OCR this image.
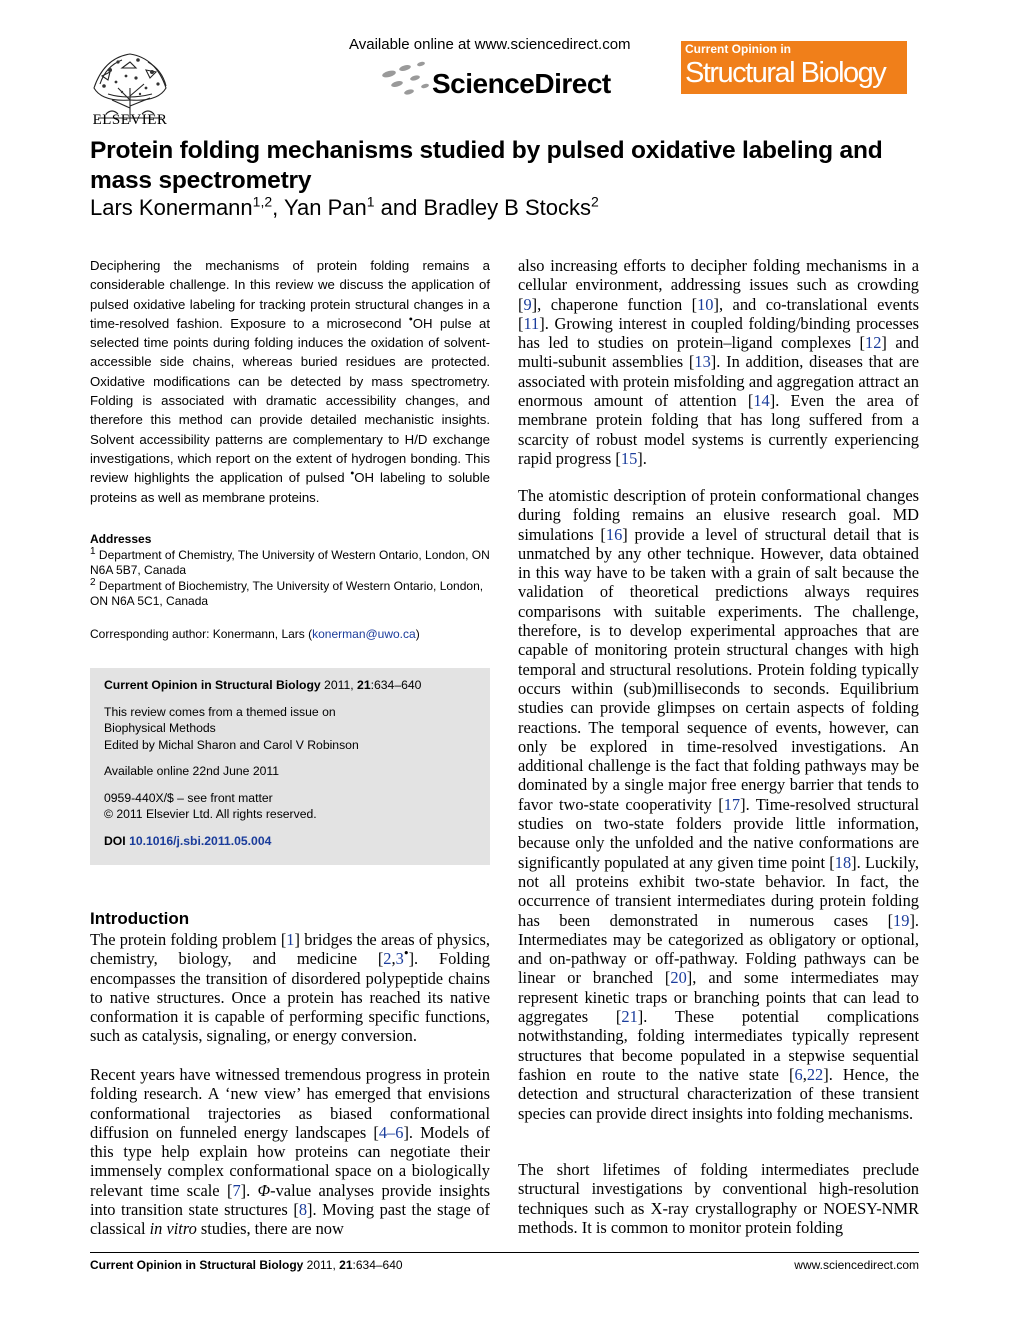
ELSEVIER
Available online at www.sciencedirect.com
ScienceDirect
Current Opinion in
Structural Biology
Protein folding mechanisms studied by pulsed oxidative labeling and mass spectrometry
Lars Konermann$^{1,2}$, Yan Pan$^1$ and Bradley B Stocks$^2$
Deciphering the mechanisms of protein folding remains a considerable challenge. In this review we discuss the application of pulsed oxidative labeling for tracking protein structural changes in a time-resolved fashion. Exposure to a microsecond •OH pulse at selected time points during folding induces the oxidation of solvent-accessible side chains, whereas buried residues are protected. Oxidative modifications can be detected by mass spectrometry. Folding is associated with dramatic accessibility changes, and therefore this method can provide detailed mechanistic insights. Solvent accessibility patterns are complementary to H/D exchange investigations, which report on the extent of hydrogen bonding. This review highlights the application of pulsed •OH labeling to soluble proteins as well as membrane proteins.
Addresses
$^1$ Department of Chemistry, The University of Western Ontario, London, ON N6A 5B7, Canada
$^2$ Department of Biochemistry, The University of Western Ontario, London, ON N6A 5C1, Canada
Corresponding author: Konermann, Lars (konerman@uwo.ca)

Current Opinion in Structural Biology 2011, 21:634–640

This review comes from a themed issue on

Biophysical Methods

Edited by Michal Sharon and Carol V Robinson

Available online 22nd June 2011

0959-440X/$ – see front matter

© 2011 Elsevier Ltd. All rights reserved.

DOI 10.1016/j.sbi.2011.05.004

Introduction
The protein folding problem [1] bridges the areas of physics, chemistry, biology, and medicine [2,3•]. Folding encompasses the transition of disordered polypeptide chains to native structures. Once a protein has reached its native conformation it is capable of performing specific functions, such as catalysis, signaling, or energy conversion.
Recent years have witnessed tremendous progress in protein folding research. A ‘new view’ has emerged that envisions conformational trajectories as biased conformational diffusion on funneled energy landscapes [4–6]. Models of this type help explain how proteins can negotiate their immensely complex conformational space on a biologically relevant time scale [7]. Φ-value analyses provide insights into transition state structures [8]. Moving past the stage of classical in vitro studies, there are now
also increasing efforts to decipher folding mechanisms in a cellular environment, addressing issues such as crowding [9], chaperone function [10], and co-translational events [11]. Growing interest in coupled folding/binding processes has led to studies on protein–ligand complexes [12] and multi-subunit assemblies [13]. In addition, diseases that are associated with protein misfolding and aggregation attract an enormous amount of attention [14]. Even the area of membrane protein folding that has long suffered from a scarcity of robust model systems is currently experiencing rapid progress [15].
The atomistic description of protein conformational changes during folding remains an elusive research goal. MD simulations [16] provide a level of structural detail that is unmatched by any other technique. However, data obtained in this way have to be taken with a grain of salt because the validation of theoretical predictions always requires comparisons with suitable experiments. The challenge, therefore, is to develop experimental approaches that are capable of monitoring protein structural changes with high temporal and structural resolutions. Protein folding typically occurs within (sub)milliseconds to seconds. Equilibrium studies can provide glimpses on certain aspects of folding reactions. The temporal sequence of events, however, can only be explored in time-resolved investigations. An additional challenge is the fact that folding pathways may be dominated by a single major free energy barrier that tends to favor two-state cooperativity [17]. Time-resolved structural studies on two-state folders provide little information, because only the unfolded and the native conformations are significantly populated at any given time point [18]. Luckily, not all proteins exhibit two-state behavior. In fact, the occurrence of transient intermediates during protein folding has been demonstrated in numerous cases [19]. Intermediates may be categorized as obligatory or optional, and on-pathway or off-pathway. Folding pathways can be linear or branched [20], and some intermediates may represent kinetic traps or branching points that can lead to aggregates [21]. These potential complications notwithstanding, folding intermediates typically represent structures that become populated in a stepwise sequential fashion en route to the native state [6,22]. Hence, the detection and structural characterization of these transient species can provide direct insights into folding mechanisms.
The short lifetimes of folding intermediates preclude structural investigations by conventional high-resolution techniques such as X-ray crystallography or NOESY-NMR methods. It is common to monitor protein folding
Current Opinion in Structural Biology 2011, 21:634–640	www.sciencedirect.com
